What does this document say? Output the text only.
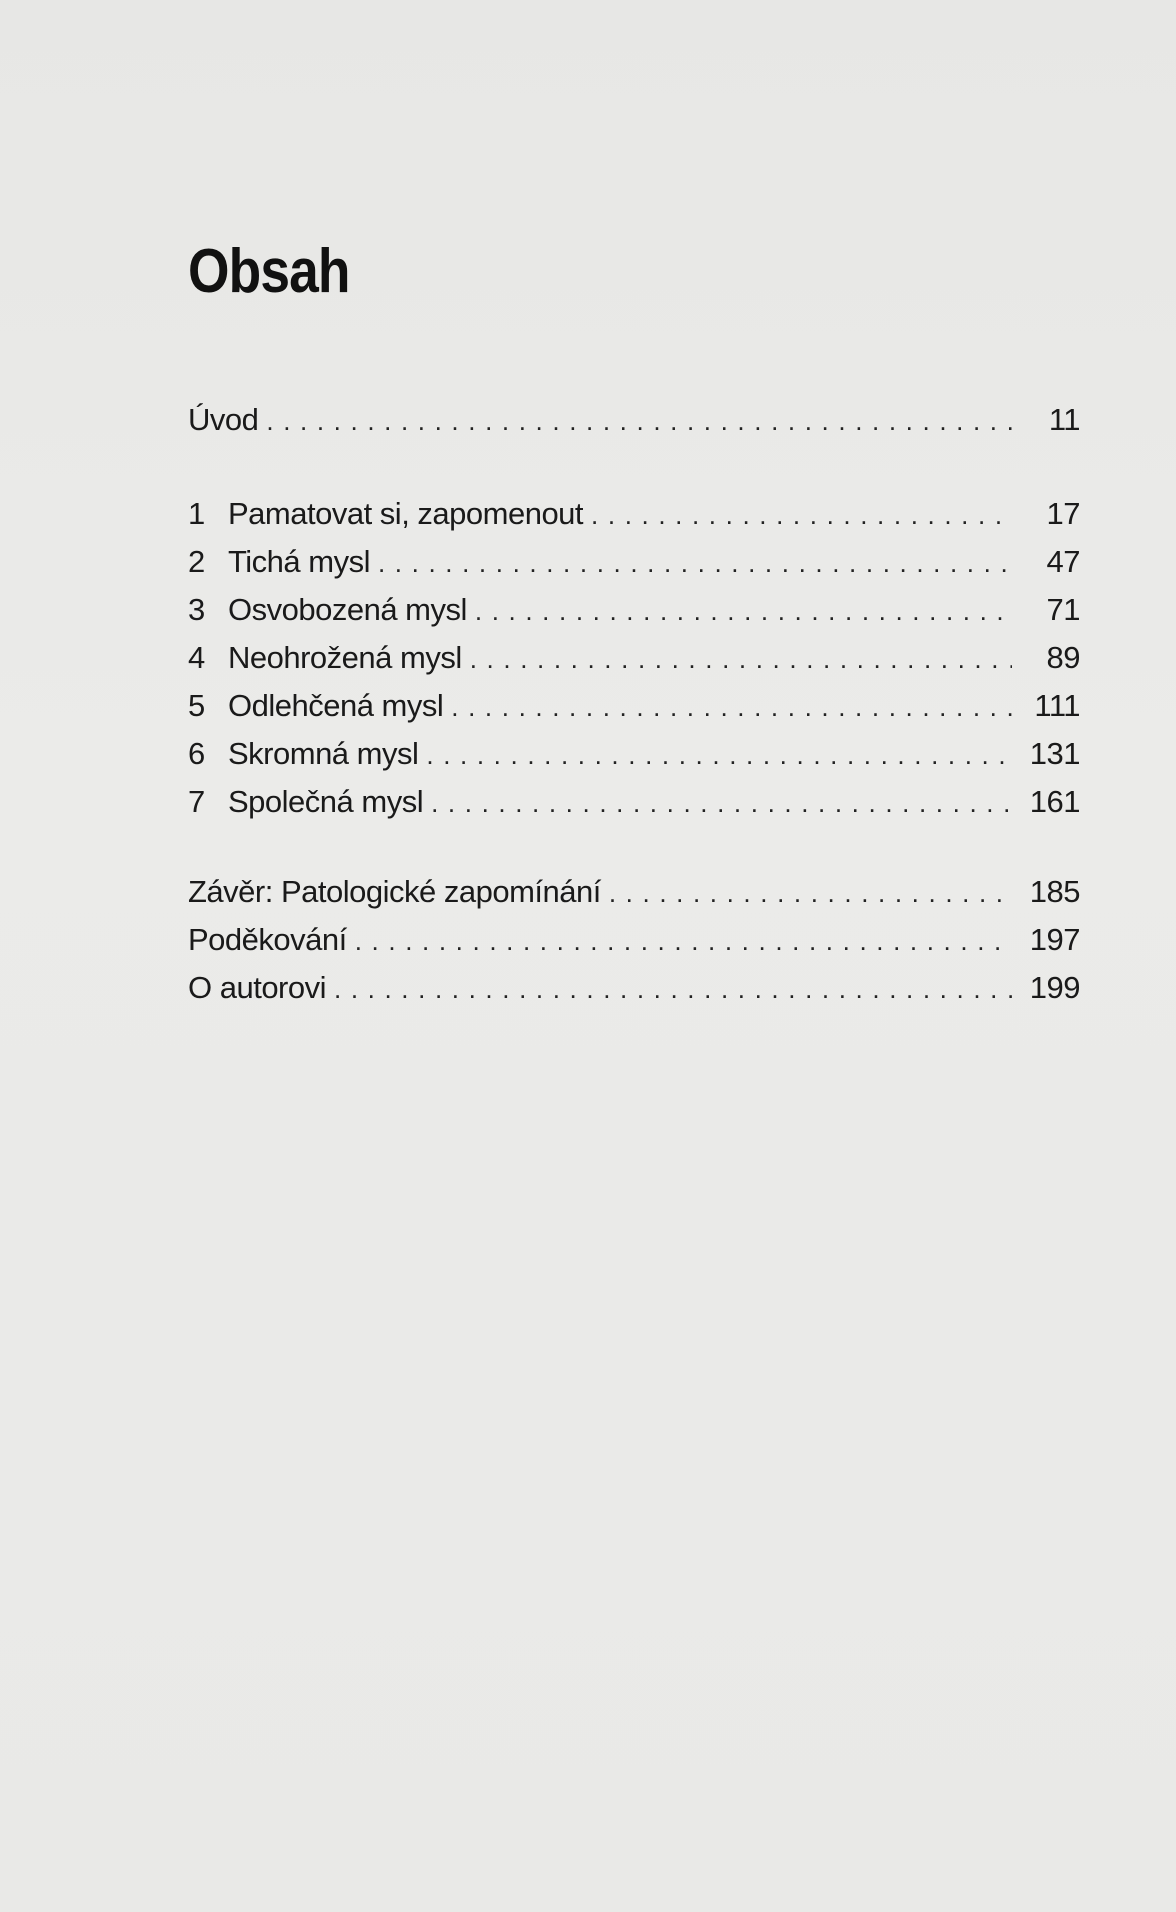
Obsah
Úvod .....	11
1 Pamatovat si, zapomenout .....	17
2 Tichá mysl .....	47
3 Osvobozená mysl .....	71
4 Neohrožená mysl .....	89
5 Odlehčená mysl .....	111
6 Skromná mysl .....	131
7 Společná mysl .....	161
Závěr: Patologické zapomínání .....	185
Poděkování .....	197
O autorovi .....	199
